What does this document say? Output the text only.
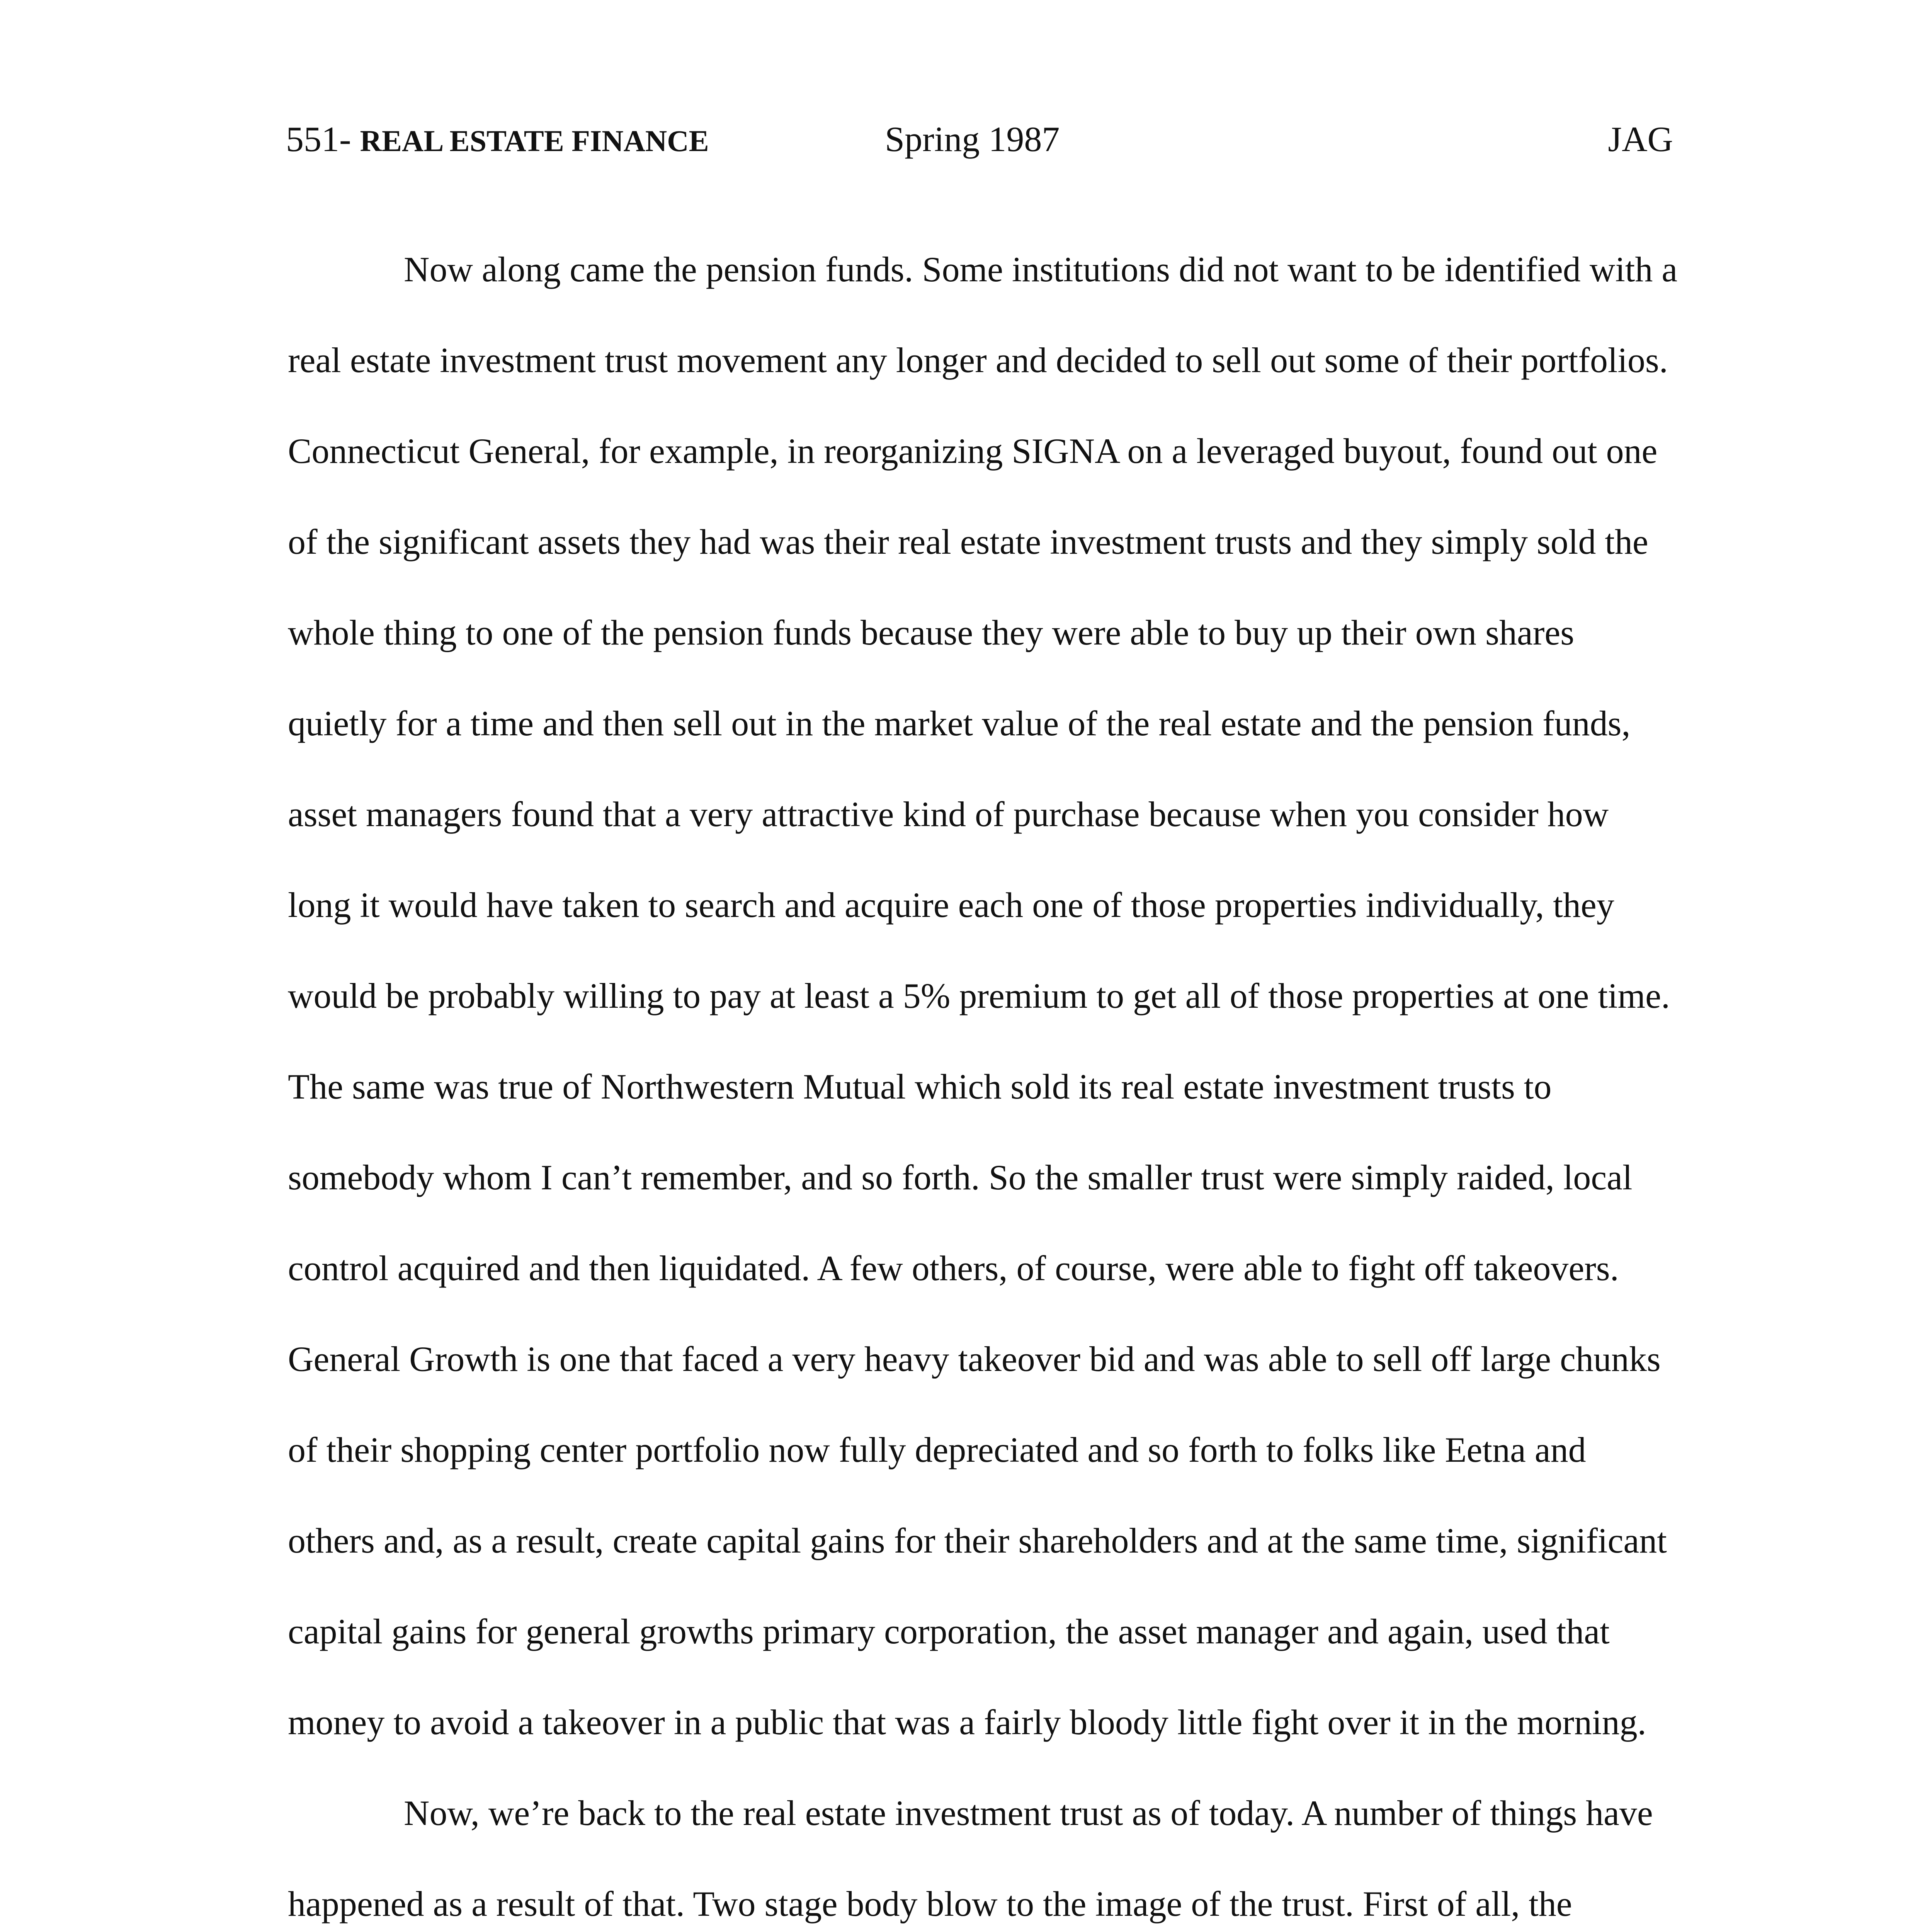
551- REAL ESTATE FINANCE	Spring 1987	JAG

Now along came the pension funds. Some institutions did not want to be identified with a real estate investment trust movement any longer and decided to sell out some of their portfolios. Connecticut General, for example, in reorganizing SIGNA on a leveraged buyout, found out one of the significant assets they had was their real estate investment trusts and they simply sold the whole thing to one of the pension funds because they were able to buy up their own shares quietly for a time and then sell out in the market value of the real estate and the pension funds, asset managers found that a very attractive kind of purchase because when you consider how long it would have taken to search and acquire each one of those properties individually, they would be probably willing to pay at least a 5% premium to get all of those properties at one time. The same was true of Northwestern Mutual which sold its real estate investment trusts to somebody whom I can’t remember, and so forth. So the smaller trust were simply raided, local control acquired and then liquidated. A few others, of course, were able to fight off takeovers. General Growth is one that faced a very heavy takeover bid and was able to sell off large chunks of their shopping center portfolio now fully depreciated and so forth to folks like Eetna and others and, as a result, create capital gains for their shareholders and at the same time, significant capital gains for general growths primary corporation, the asset manager and again, used that money to avoid a takeover in a public that was a fairly bloody little fight over it in the morning.

Now, we’re back to the real estate investment trust as of today. A number of things have happened as a result of that. Two stage body blow to the image of the trust. First of all, the
